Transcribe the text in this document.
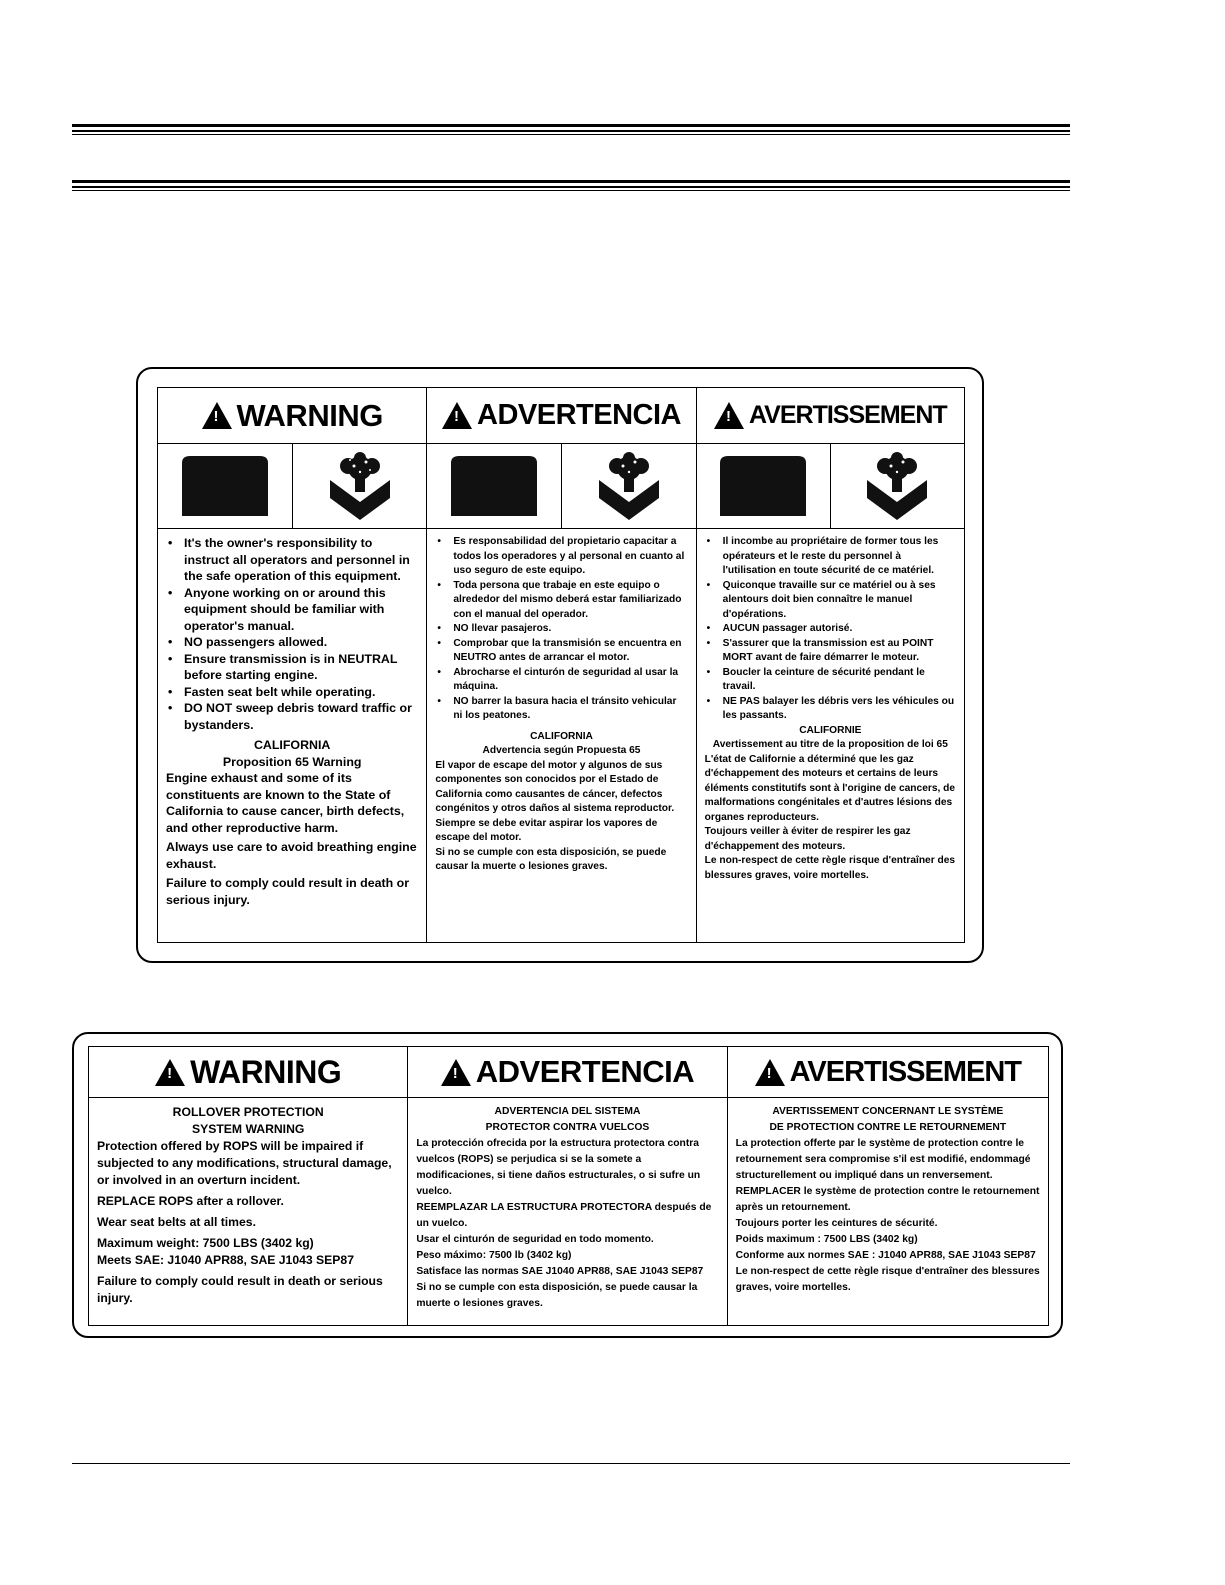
!
WARNING
• It's the owner's responsibility to instruct all operators and personnel in the safe operation of this equipment.
• Anyone working on or around this equipment should be familiar with operator's manual.
• NO passengers allowed.
• Ensure transmission is in NEUTRAL before starting engine.
• Fasten seat belt while operating.
• DO NOT sweep debris toward traffic or bystanders.

CALIFORNIA

Proposition 65 Warning

Engine exhaust and some of its constituents are known to the State of California to cause cancer, birth defects, and other reproductive harm.

Always use care to avoid breathing engine exhaust.

Failure to comply could result in death or serious injury.

!
ADVERTENCIA
• Es responsabilidad del propietario capacitar a todos los operadores y al personal en cuanto al uso seguro de este equipo.
• Toda persona que trabaje en este equipo o alrededor del mismo deberá estar familiarizado con el manual del operador.
• NO llevar pasajeros.
• Comprobar que la transmisión se encuentra en NEUTRO antes de arrancar el motor.
• Abrocharse el cinturón de seguridad al usar la máquina.
• NO barrer la basura hacia el tránsito vehicular ni los peatones.

CALIFORNIA

Advertencia según Propuesta 65

El vapor de escape del motor y algunos de sus componentes son conocidos por el Estado de California como causantes de cáncer, defectos congénitos y otros daños al sistema reproductor.

Siempre se debe evitar aspirar los vapores de escape del motor.

Si no se cumple con esta disposición, se puede causar la muerte o lesiones graves.

!
AVERTISSEMENT
• Il incombe au propriétaire de former tous les opérateurs et le reste du personnel à l'utilisation en toute sécurité de ce matériel.
• Quiconque travaille sur ce matériel ou à ses alentours doit bien connaître le manuel d'opérations.
• AUCUN passager autorisé.
• S'assurer que la transmission est au POINT MORT avant de faire démarrer le moteur.
• Boucler la ceinture de sécurité pendant le travail.
• NE PAS balayer les débris vers les véhicules ou les passants.

CALIFORNIE

Avertissement au titre de la proposition de loi 65

L'état de Californie a déterminé que les gaz d'échappement des moteurs et certains de leurs éléments constitutifs sont à l'origine de cancers, de malformations congénitales et d'autres lésions des organes reproducteurs.

Toujours veiller à éviter de respirer les gaz d'échappement des moteurs.

Le non-respect de cette règle risque d'entraîner des blessures graves, voire mortelles.

!
WARNING

ROLLOVER PROTECTION

SYSTEM WARNING

Protection offered by ROPS will be impaired if subjected to any modifications, structural damage, or involved in an overturn incident.

REPLACE ROPS after a rollover.

Wear seat belts at all times.

Maximum weight: 7500 LBS (3402 kg)
Meets SAE: J1040 APR88, SAE J1043 SEP87

Failure to comply could result in death or serious injury.

!
ADVERTENCIA

ADVERTENCIA DEL SISTEMA

PROTECTOR CONTRA VUELCOS

La protección ofrecida por la estructura protectora contra vuelcos (ROPS) se perjudica si se la somete a modificaciones, si tiene daños estructurales, o si sufre un vuelco.

REEMPLAZAR LA ESTRUCTURA PROTECTORA después de un vuelco.

Usar el cinturón de seguridad en todo momento.

Peso máximo: 7500 lb (3402 kg)

Satisface las normas SAE J1040 APR88, SAE J1043 SEP87

Si no se cumple con esta disposición, se puede causar la muerte o lesiones graves.

!
AVERTISSEMENT

AVERTISSEMENT CONCERNANT LE SYSTÈME

DE PROTECTION CONTRE LE RETOURNEMENT

La protection offerte par le système de protection contre le retournement sera compromise s'il est modifié, endommagé structurellement ou impliqué dans un renversement.

REMPLACER le système de protection contre le retournement après un retournement.

Toujours porter les ceintures de sécurité.

Poids maximum : 7500 LBS (3402 kg)

Conforme aux normes SAE : J1040 APR88, SAE J1043 SEP87

Le non-respect de cette règle risque d'entraîner des blessures graves, voire mortelles.
